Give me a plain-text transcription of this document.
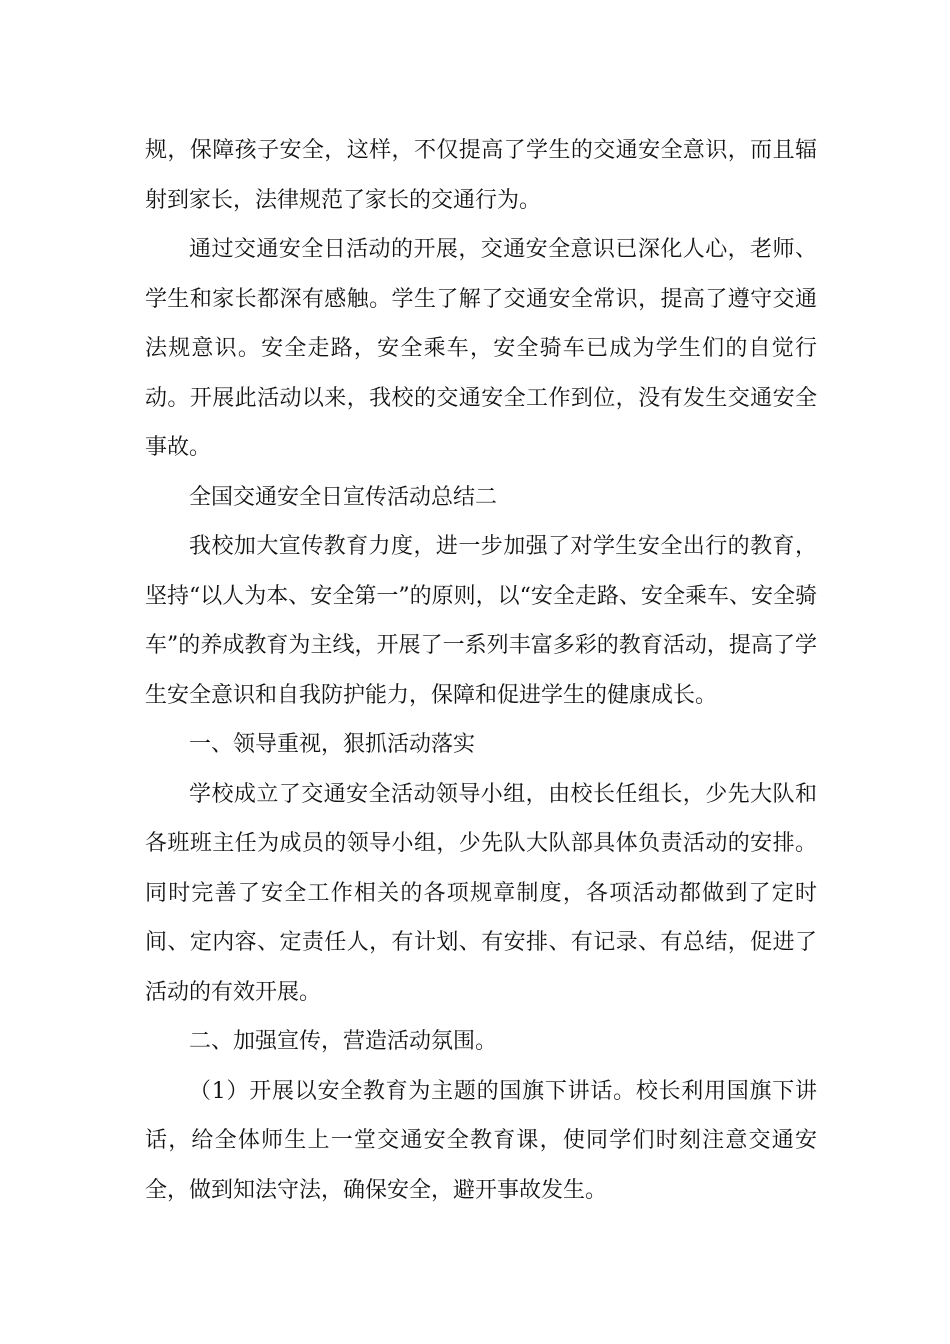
规，保障孩子安全，这样，不仅提高了学生的交通安全意识，而且辐射到家长，法律规范了家长的交通行为。

通过交通安全日活动的开展，交通安全意识已深化人心，老师、学生和家长都深有感触。学生了解了交通安全常识，提高了遵守交通法规意识。安全走路，安全乘车，安全骑车已成为学生们的自觉行动。开展此活动以来，我校的交通安全工作到位，没有发生交通安全事故。

全国交通安全日宣传活动总结二

我校加大宣传教育力度，进一步加强了对学生安全出行的教育，坚持“以人为本、安全第一”的原则，以“安全走路、安全乘车、安全骑车”的养成教育为主线，开展了一系列丰富多彩的教育活动，提高了学生安全意识和自我防护能力，保障和促进学生的健康成长。

一、领导重视，狠抓活动落实

学校成立了交通安全活动领导小组，由校长任组长，少先大队和各班班主任为成员的领导小组，少先队大队部具体负责活动的安排。同时完善了安全工作相关的各项规章制度，各项活动都做到了定时间、定内容、定责任人，有计划、有安排、有记录、有总结，促进了活动的有效开展。

二、加强宣传，营造活动氛围。

（1）开展以安全教育为主题的国旗下讲话。校长利用国旗下讲话，给全体师生上一堂交通安全教育课，使同学们时刻注意交通安全，做到知法守法，确保安全，避开事故发生。
